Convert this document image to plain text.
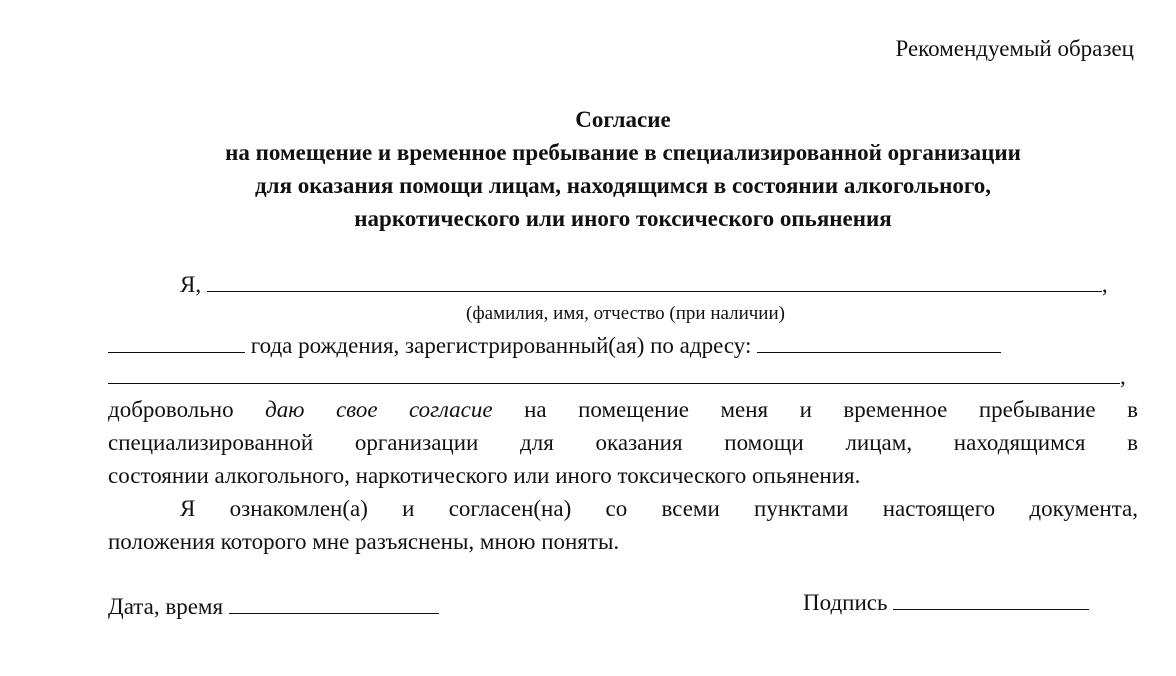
Рекомендуемый образец
Согласие
на помещение и временное пребывание в специализированной организации
для оказания помощи лицам, находящимся в состоянии алкогольного,
наркотического или иного токсического опьянения
Я,	,
(фамилия, имя, отчество (при наличии)
года рождения, зарегистрированный(ая) по адресу:
,
добровольно даю свое согласие на помещение меня и временное пребывание в
специализированной организации для оказания помощи лицам, находящимся в
состоянии алкогольного, наркотического или иного токсического опьянения.
Я ознакомлен(а) и согласен(на) со всеми пунктами настоящего документа,
положения которого мне разъяснены, мною поняты.
Дата, время	Подпись
